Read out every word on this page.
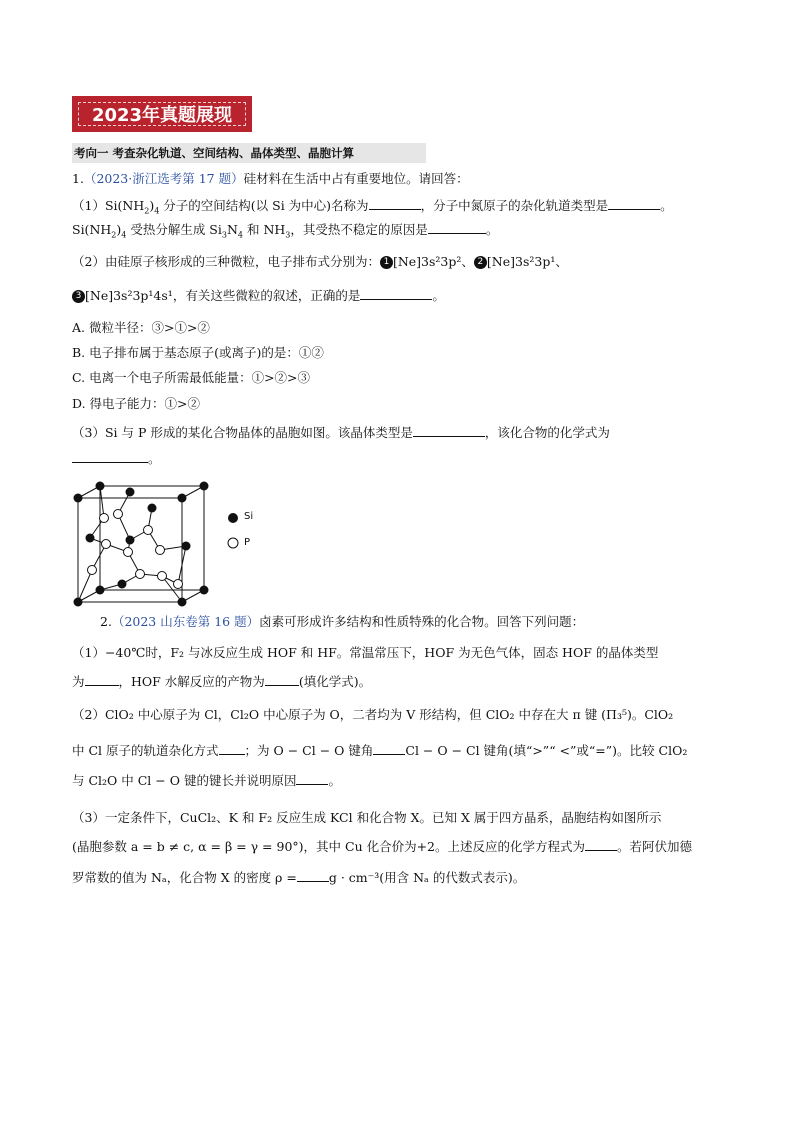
2023年真题展现
考向一 考查杂化轨道、空间结构、晶体类型、晶胞计算
1.（2023·浙江选考第 17 题）硅材料在生活中占有重要地位。请回答：
$(1)Si(NH_2)_4$ 分子的空间结构(以 Si 为中心)名称为	，分子中氮原子的杂化轨道类型是	。
$Si(NH_2)_4$ 受热分解生成 $Si_3N_4$ 和 $NH_3$，其受热不稳定的原因是	。
（2）由硅原子核形成的三种微粒，电子排布式分别为： 1 [Ne]3s²3p²、 2 [Ne]3s²3p¹、
3 [Ne]3s²3p¹4s¹，有关这些微粒的叙述，正确的是	。
A. 微粒半径：③>①>②
B. 电子排布属于基态原子(或离子)的是：①②
C. 电离一个电子所需最低能量：①>②>③
D. 得电子能力：①>②
（3）Si 与 P 形成的某化合物晶体的晶胞如图。该晶体类型是	，该化合物的化学式为
。
Si
P
2.（2023 山东卷第 16 题）卤素可形成许多结构和性质特殊的化合物。回答下列问题：
（1）−40℃时，F₂ 与冰反应生成 HOF 和 HF。常温常压下，HOF 为无色气体，固态 HOF 的晶体类型
为	，HOF 水解反应的产物为	(填化学式)。
（2）ClO₂ 中心原子为 Cl，Cl₂O 中心原子为 O，二者均为 V 形结构，但 ClO₂ 中存在大 π 键 (Π₃⁵)。ClO₂
中 Cl 原子的轨道杂化方式 ；为 O − Cl − O 键角	Cl − O − Cl 键角(填“>”“ <”或“=”)。比较 ClO₂
与 Cl₂O 中 Cl − O 键的键长并说明原因	。
（3）一定条件下，CuCl₂、K 和 F₂ 反应生成 KCl 和化合物 X。已知 X 属于四方晶系，晶胞结构如图所示
(晶胞参数 a = b ≠ c, α = β = γ = 90°)，其中 Cu 化合价为+2。上述反应的化学方程式为	。若阿伏加德
罗常数的值为 Nₐ，化合物 X 的密度 ρ =	g · cm⁻³(用含 Nₐ 的代数式表示)。
